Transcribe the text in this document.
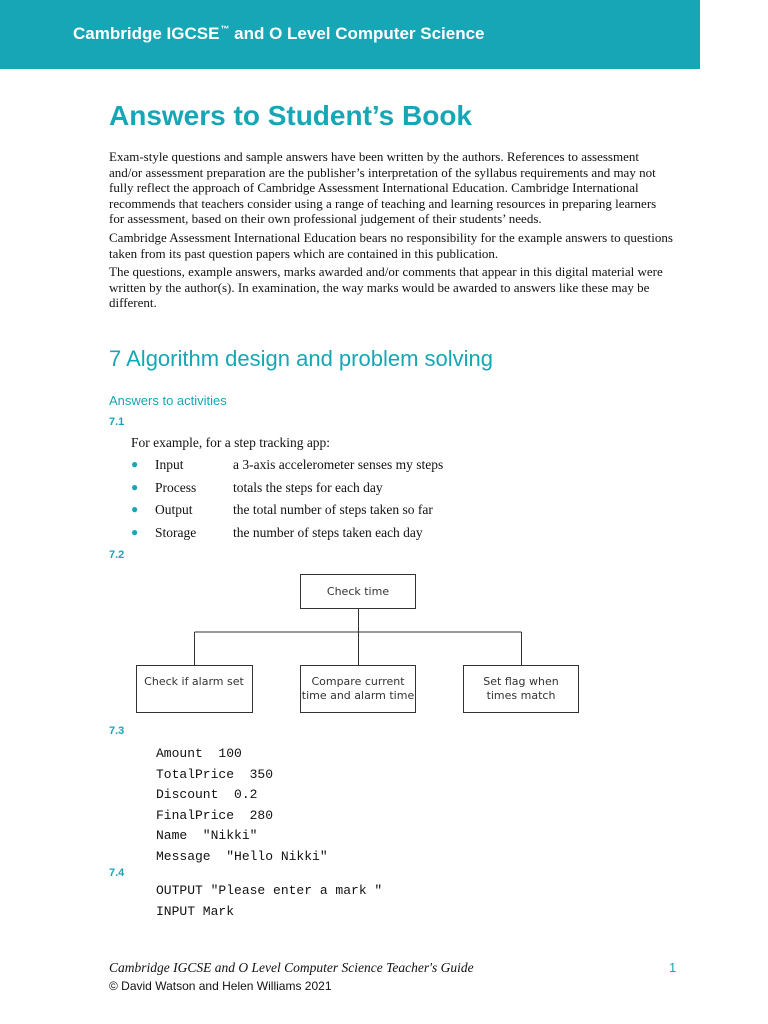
Cambridge IGCSE™ and O Level Computer Science
Answers to Student’s Book

Exam-style questions and sample answers have been written by the authors. References to assessment and/or assessment preparation are the publisher’s interpretation of the syllabus requirements and may not fully reflect the approach of Cambridge Assessment International Education. Cambridge International recommends that teachers consider using a range of teaching and learning resources in preparing learners for assessment, based on their own professional judgement of their students’ needs.

Cambridge Assessment International Education bears no responsibility for the example answers to questions taken from its past question papers which are contained in this publication.

The questions, example answers, marks awarded and/or comments that appear in this digital material were written by the author(s). In examination, the way marks would be awarded to answers like these may be different.

7 Algorithm design and problem solving
Answers to activities
7.1
For example, for a step tracking app:
● Input	a 3-axis accelerometer senses my steps
● Process	totals the steps for each day
● Output	the total number of steps taken so far
● Storage	the number of steps taken each day
7.2
Check time
Check if alarm set	Compare current
time and alarm time
Set flag when
times match
7.3
Amount  100
TotalPrice  350
Discount  0.2
FinalPrice  280
Name  "Nikki"
Message  "Hello Nikki"
7.4
OUTPUT "Please enter a mark "
INPUT Mark
Cambridge IGCSE and O Level Computer Science Teacher's Guide	1
© David Watson and Helen Williams 2021
